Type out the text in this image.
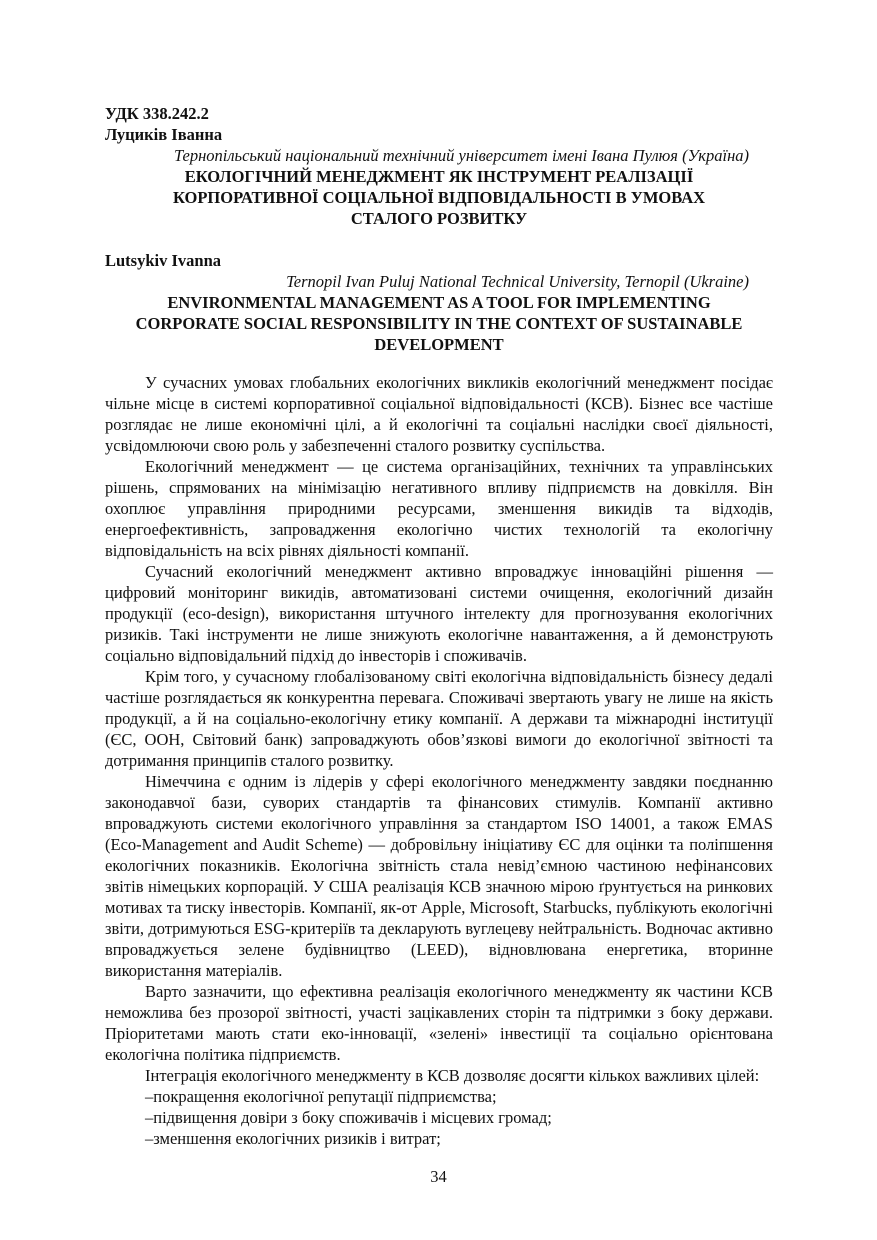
УДК 338.242.2
Луциків Іванна
Тернопільський національний технічний університет імені Івана Пулюя (Україна)
ЕКОЛОГІЧНИЙ МЕНЕДЖМЕНТ ЯК ІНСТРУМЕНТ РЕАЛІЗАЦІЇ КОРПОРАТИВНОЇ СОЦІАЛЬНОЇ ВІДПОВІДАЛЬНОСТІ В УМОВАХ СТАЛОГО РОЗВИТКУ
Lutsykiv Ivanna
Ternopil Ivan Puluj National Technical University, Ternopil (Ukraine)
ENVIRONMENTAL MANAGEMENT AS A TOOL FOR IMPLEMENTING CORPORATE SOCIAL RESPONSIBILITY IN THE CONTEXT OF SUSTAINABLE DEVELOPMENT

У сучасних умовах глобальних екологічних викликів екологічний менеджмент посідає чільне місце в системі корпоративної соціальної відповідальності (КСВ). Бізнес все частіше розглядає не лише економічні цілі, а й екологічні та соціальні наслідки своєї діяльності, усвідомлюючи свою роль у забезпеченні сталого розвитку суспільства.

Екологічний менеджмент — це система організаційних, технічних та управлінських рішень, спрямованих на мінімізацію негативного впливу підприємств на довкілля. Він охоплює управління природними ресурсами, зменшення викидів та відходів, енергоефективність, запровадження екологічно чистих технологій та екологічну відповідальність на всіх рівнях діяльності компанії.

Сучасний екологічний менеджмент активно впроваджує інноваційні рішення — цифровий моніторинг викидів, автоматизовані системи очищення, екологічний дизайн продукції (eco-design), використання штучного інтелекту для прогнозування екологічних ризиків. Такі інструменти не лише знижують екологічне навантаження, а й демонструють соціально відповідальний підхід до інвесторів і споживачів.

Крім того, у сучасному глобалізованому світі екологічна відповідальність бізнесу дедалі частіше розглядається як конкурентна перевага. Споживачі звертають увагу не лише на якість продукції, а й на соціально-екологічну етику компанії. А держави та міжнародні інституції (ЄС, ООН, Світовий банк) запроваджують обов’язкові вимоги до екологічної звітності та дотримання принципів сталого розвитку.

Німеччина є одним із лідерів у сфері екологічного менеджменту завдяки поєднанню законодавчої бази, суворих стандартів та фінансових стимулів. Компанії активно впроваджують системи екологічного управління за стандартом ISO 14001, а також EMAS (Eco-Management and Audit Scheme) — добровільну ініціативу ЄС для оцінки та поліпшення екологічних показників. Екологічна звітність стала невід’ємною частиною нефінансових звітів німецьких корпорацій. У США реалізація КСВ значною мірою ґрунтується на ринкових мотивах та тиску інвесторів. Компанії, як-от Apple, Microsoft, Starbucks, публікують екологічні звіти, дотримуються ESG-критеріїв та декларують вуглецеву нейтральність. Водночас активно впроваджується зелене будівництво (LEED), відновлювана енергетика, вторинне використання матеріалів.

Варто зазначити, що ефективна реалізація екологічного менеджменту як частини КСВ неможлива без прозорої звітності, участі зацікавлених сторін та підтримки з боку держави. Пріоритетами мають стати еко-інновації, «зелені» інвестиції та соціально орієнтована екологічна політика підприємств.

Інтеграція екологічного менеджменту в КСВ дозволяє досягти кількох важливих цілей:

–покращення екологічної репутації підприємства;

–підвищення довіри з боку споживачів і місцевих громад;

–зменшення екологічних ризиків і витрат;

34
